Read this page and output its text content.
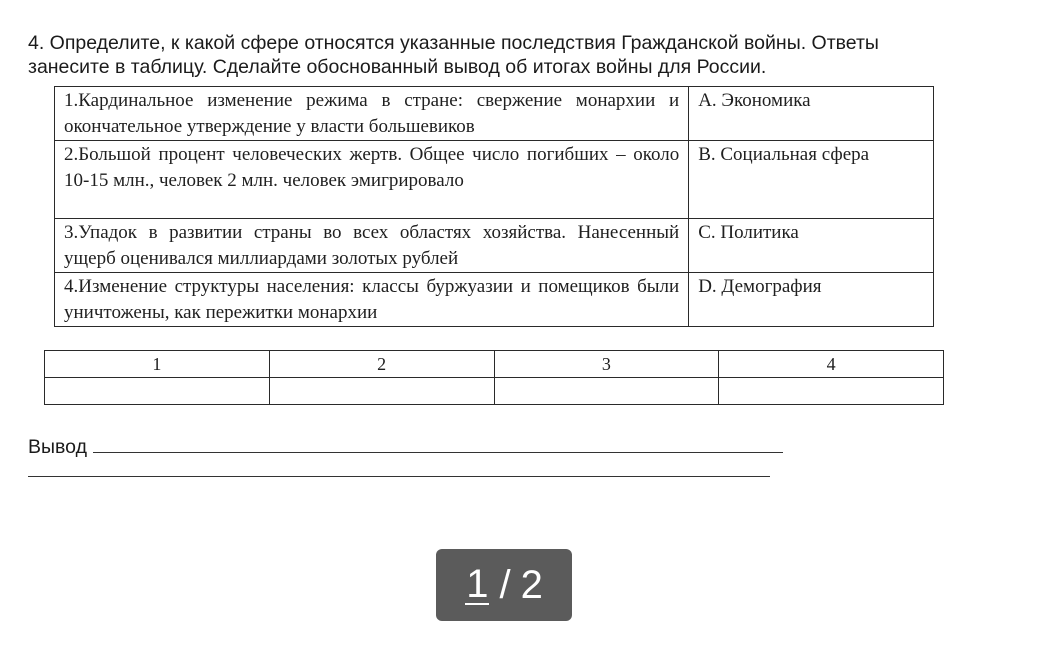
4. Определите, к какой сфере относятся указанные последствия Гражданской войны. Ответы
занесите в таблицу. Сделайте обоснованный вывод об итогах войны для России.
1.Кардинальное изменение режима в стране: свержение монархии и окончательное утверждение у власти большевиков	A. Экономика
2.Большой процент человеческих жертв. Общее число погибших – около 10-15 млн., человек 2 млн. человек эмигрировало	B. Социальная сфера
3.Упадок в развитии страны во всех областях хозяйства. Нанесенный ущерб оценивался миллиардами золотых рублей	C. Политика
4.Изменение структуры населения: классы буржуазии и помещиков были уничтожены, как пережитки монархии	D. Демография
1	2	3	4

Вывод
1 / 2
